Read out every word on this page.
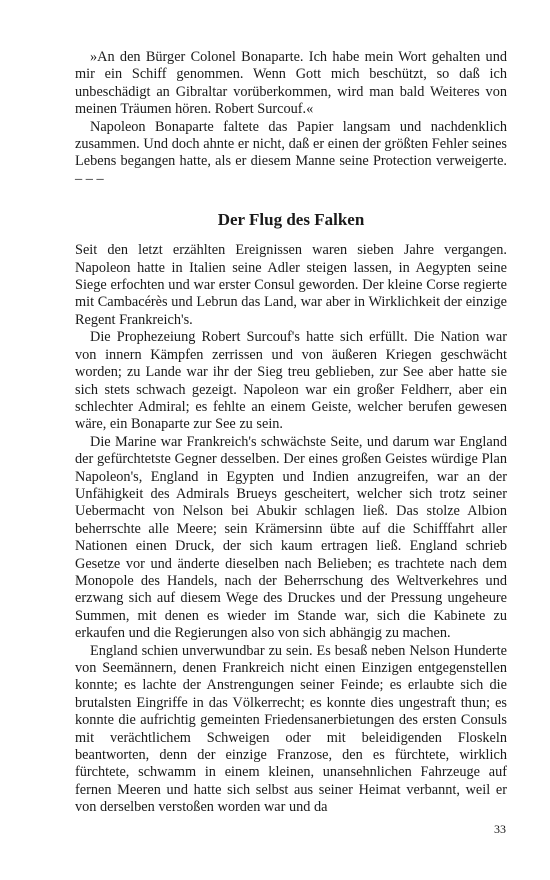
»An den Bürger Colonel Bonaparte. Ich habe mein Wort gehalten und mir ein Schiff genommen. Wenn Gott mich beschützt, so daß ich unbeschädigt an Gibraltar vorüberkommen, wird man bald Weiteres von meinen Träumen hören. Robert Surcouf.«

Napoleon Bonaparte faltete das Papier langsam und nachdenklich zusammen. Und doch ahnte er nicht, daß er einen der größten Fehler seines Lebens begangen hatte, als er diesem Manne seine Protection verweigerte. – – –

Der Flug des Falken

Seit den letzt erzählten Ereignissen waren sieben Jahre vergangen. Napoleon hatte in Italien seine Adler steigen lassen, in Aegypten seine Siege erfochten und war erster Consul geworden. Der kleine Corse regierte mit Cambacérès und Lebrun das Land, war aber in Wirklichkeit der einzige Regent Frankreich's.

Die Prophezeiung Robert Surcouf's hatte sich erfüllt. Die Nation war von innern Kämpfen zerrissen und von äußeren Kriegen geschwächt worden; zu Lande war ihr der Sieg treu geblieben, zur See aber hatte sie sich stets schwach gezeigt. Napoleon war ein großer Feldherr, aber ein schlechter Admiral; es fehlte an einem Geiste, welcher berufen gewesen wäre, ein Bonaparte zur See zu sein.

Die Marine war Frankreich's schwächste Seite, und darum war England der gefürchtetste Gegner desselben. Der eines großen Geistes würdige Plan Napoleon's, England in Egypten und Indien anzugreifen, war an der Unfähigkeit des Admirals Brueys gescheitert, welcher sich trotz seiner Uebermacht von Nelson bei Abukir schlagen ließ. Das stolze Albion beherrschte alle Meere; sein Krämersinn übte auf die Schifffahrt aller Nationen einen Druck, der sich kaum ertragen ließ. England schrieb Gesetze vor und änderte dieselben nach Belieben; es trachtete nach dem Monopole des Handels, nach der Beherrschung des Weltverkehres und erzwang sich auf diesem Wege des Druckes und der Pressung ungeheure Summen, mit denen es wieder im Stande war, sich die Kabinete zu erkaufen und die Regierungen also von sich abhängig zu machen.

England schien unverwundbar zu sein. Es besaß neben Nelson Hunderte von Seemännern, denen Frankreich nicht einen Einzigen entgegenstellen konnte; es lachte der Anstrengungen seiner Feinde; es erlaubte sich die brutalsten Eingriffe in das Völkerrecht; es konnte dies ungestraft thun; es konnte die aufrichtig gemeinten Friedensanerbietungen des ersten Consuls mit verächtlichem Schweigen oder mit beleidigenden Floskeln beantworten, denn der einzige Franzose, den es fürchtete, wirklich fürchtete, schwamm in einem kleinen, unansehnlichen Fahrzeuge auf fernen Meeren und hatte sich selbst aus seiner Heimat verbannt, weil er von derselben verstoßen worden war und da

33
